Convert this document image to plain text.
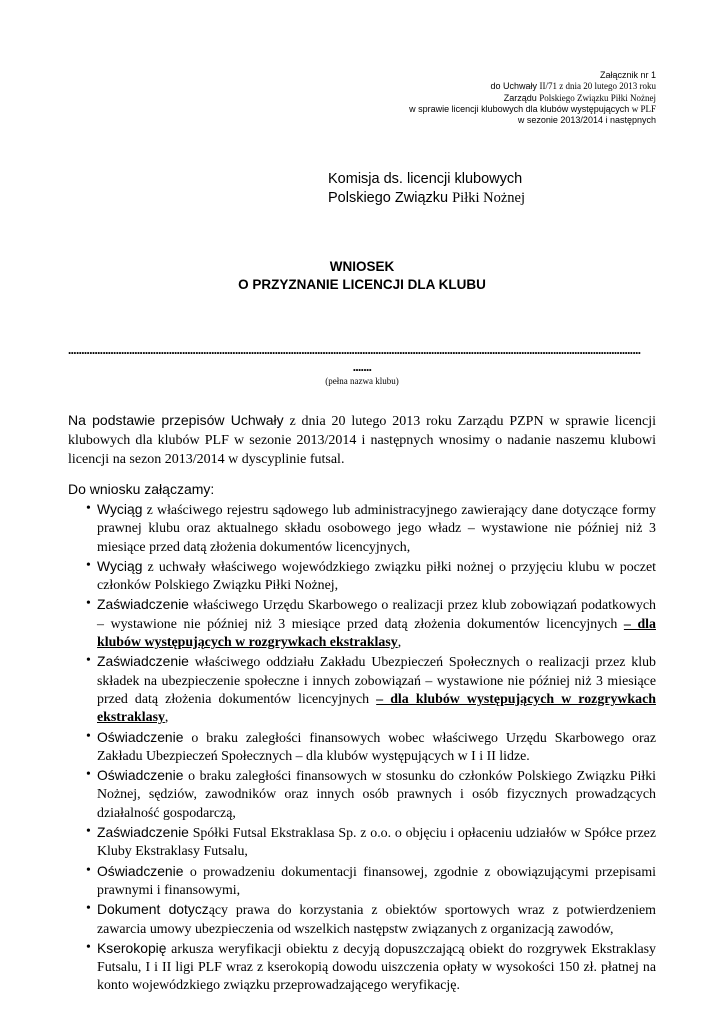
Załącznik nr 1
do Uchwały II/71 z dnia 20 lutego 2013 roku
Zarządu Polskiego Związku Piłki Nożnej
w sprawie licencji klubowych dla klubów występujących w PLF
w sezonie 2013/2014 i następnych
Komisja ds. licencji klubowych
Polskiego Związku Piłki Nożnej
WNIOSEK
O PRZYZNANIE LICENCJI DLA KLUBU
........................................................................................................................................................................................................................
.......
(pełna nazwa klubu)
Na podstawie przepisów Uchwały z dnia 20 lutego 2013 roku Zarządu PZPN w sprawie licencji klubowych dla klubów PLF w sezonie 2013/2014 i następnych wnosimy o nadanie naszemu klubowi licencji na sezon 2013/2014 w dyscyplinie futsal.
Do wniosku załączamy:
• Wyciąg z właściwego rejestru sądowego lub administracyjnego zawierający dane dotyczące formy prawnej klubu oraz aktualnego składu osobowego jego władz – wystawione nie później niż 3 miesiące przed datą złożenia dokumentów licencyjnych,
• Wyciąg z uchwały właściwego wojewódzkiego związku piłki nożnej o przyjęciu klubu w poczet członków Polskiego Związku Piłki Nożnej,
• Zaświadczenie właściwego Urzędu Skarbowego o realizacji przez klub zobowiązań podatkowych – wystawione nie później niż 3 miesiące przed datą złożenia dokumentów licencyjnych – dla klubów występujących w rozgrywkach ekstraklasy,
• Zaświadczenie właściwego oddziału Zakładu Ubezpieczeń Społecznych o realizacji przez klub składek na ubezpieczenie społeczne i innych zobowiązań – wystawione nie później niż 3 miesiące przed datą złożenia dokumentów licencyjnych – dla klubów występujących w rozgrywkach ekstraklasy,
• Oświadczenie o braku zaległości finansowych wobec właściwego Urzędu Skarbowego oraz Zakładu Ubezpieczeń Społecznych – dla klubów występujących w I i II lidze.
• Oświadczenie o braku zaległości finansowych w stosunku do członków Polskiego Związku Piłki Nożnej, sędziów, zawodników oraz innych osób prawnych i osób fizycznych prowadzących działalność gospodarczą,
• Zaświadczenie Spółki Futsal Ekstraklasa Sp. z o.o. o objęciu i opłaceniu udziałów w Spółce przez Kluby Ekstraklasy Futsalu,
• Oświadczenie o prowadzeniu dokumentacji finansowej, zgodnie z obowiązującymi przepisami prawnymi i finansowymi,
• Dokument dotyczący prawa do korzystania z obiektów sportowych wraz z potwierdzeniem zawarcia umowy ubezpieczenia od wszelkich następstw związanych z organizacją zawodów,
• Kserokopię arkusza weryfikacji obiektu z decyją dopuszczającą obiekt do rozgrywek Ekstraklasy Futsalu, I i II ligi PLF wraz z kserokopią dowodu uiszczenia opłaty w wysokości 150 zł. płatnej na konto wojewódzkiego związku przeprowadzającego weryfikację.
